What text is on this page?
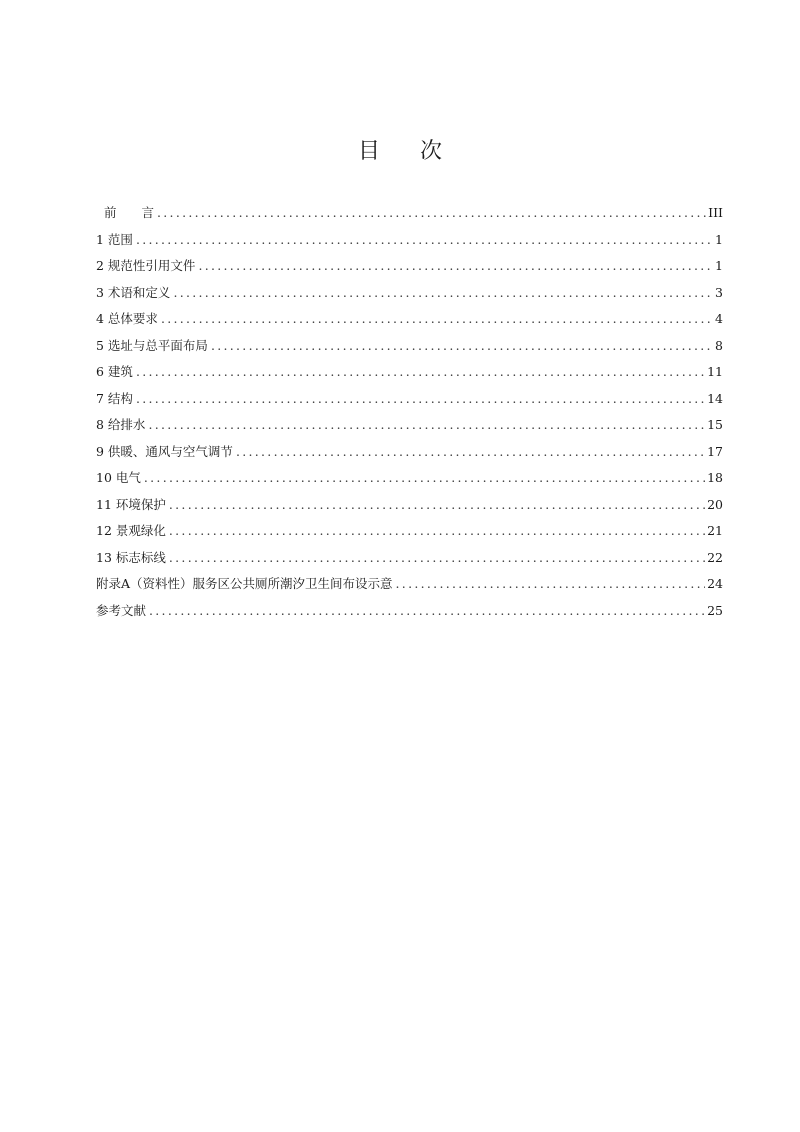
目 次
前　　言 .....	III
1 范围 .....	1
2 规范性引用文件 .....	1
3 术语和定义 .....	3
4 总体要求 .....	4
5 选址与总平面布局 .....	8
6 建筑 .....	11
7 结构 .....	14
8 给排水 .....	15
9 供暖、通风与空气调节 .....	17
10 电气 .....	18
11 环境保护 .....	20
12 景观绿化 .....	21
13 标志标线 .....	22
附录A（资料性）服务区公共厕所潮汐卫生间布设示意 .....	24
参考文献 .....	25
